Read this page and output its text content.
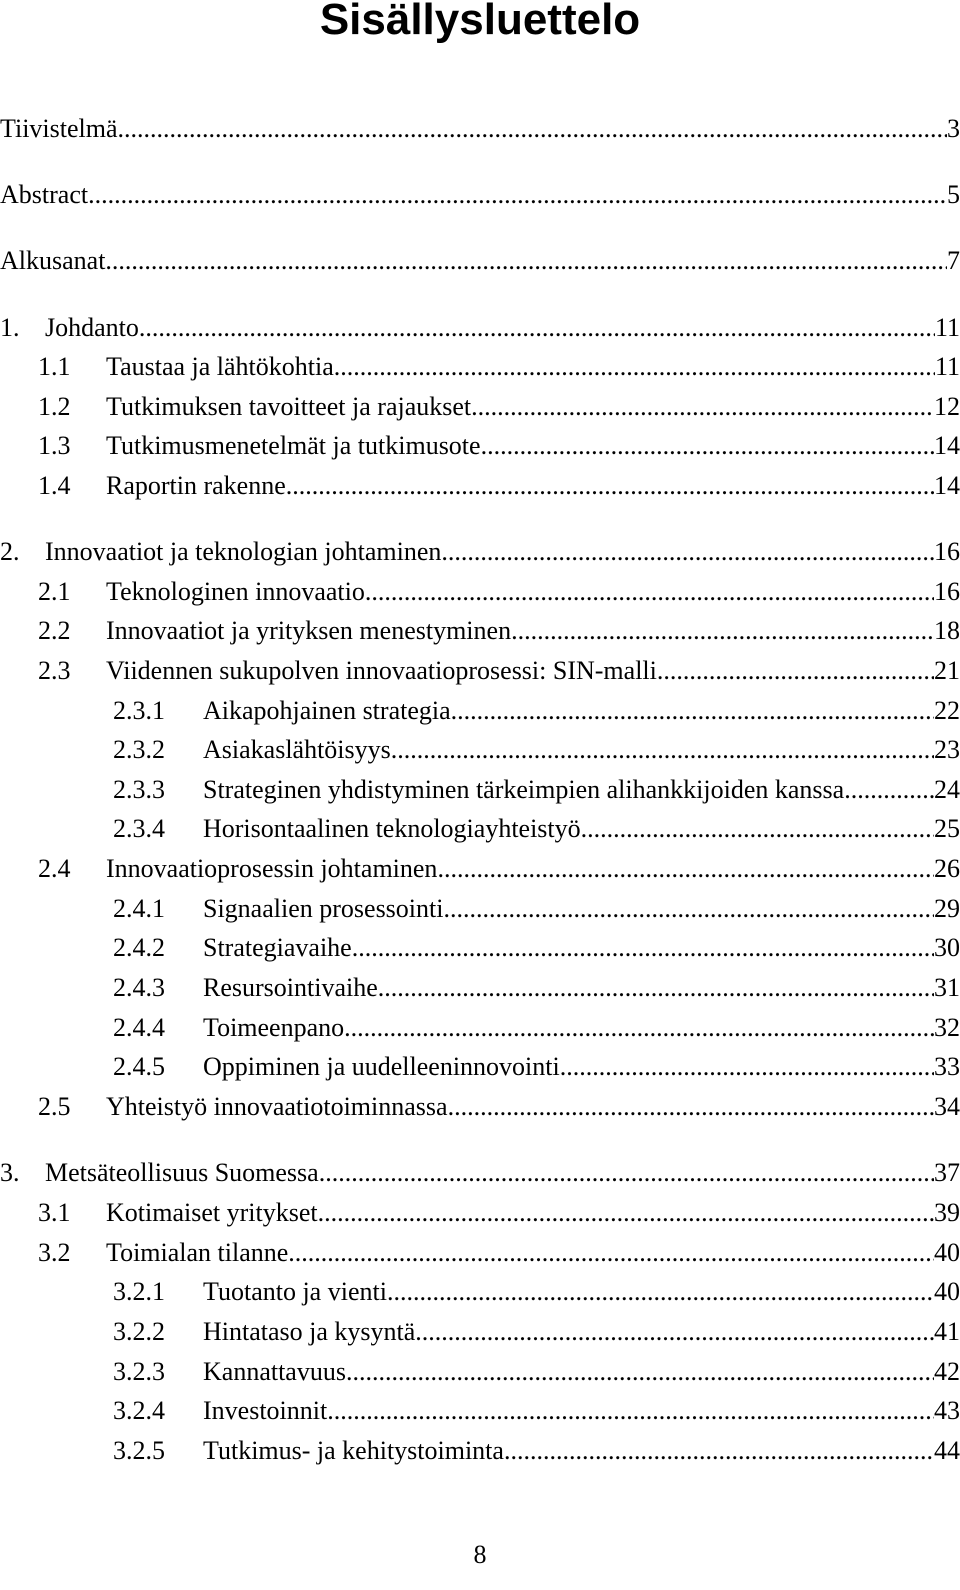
Sisällysluettelo
Tiivistelmä .....	3
Abstract .....	5
Alkusanat .....	7
1. Johdanto .....	11
1.1 Taustaa ja lähtökohtia .....	11
1.2 Tutkimuksen tavoitteet ja rajaukset .....	12
1.3 Tutkimusmenetelmät ja tutkimusote .....	14
1.4 Raportin rakenne .....	14
2. Innovaatiot ja teknologian johtaminen .....	16
2.1 Teknologinen innovaatio .....	16
2.2 Innovaatiot ja yrityksen menestyminen .....	18
2.3 Viidennen sukupolven innovaatioprosessi: SIN-malli .....	21
2.3.1 Aikapohjainen strategia .....	22
2.3.2 Asiakaslähtöisyys .....	23
2.3.3 Strateginen yhdistyminen tärkeimpien alihankkijoiden kanssa .....	24
2.3.4 Horisontaalinen teknologiayhteistyö .....	25
2.4 Innovaatioprosessin johtaminen .....	26
2.4.1 Signaalien prosessointi .....	29
2.4.2 Strategiavaihe .....	30
2.4.3 Resursointivaihe .....	31
2.4.4 Toimeenpano .....	32
2.4.5 Oppiminen ja uudelleeninnovointi .....	33
2.5 Yhteistyö innovaatiotoiminnassa .....	34
3. Metsäteollisuus Suomessa .....	37
3.1 Kotimaiset yritykset .....	39
3.2 Toimialan tilanne .....	40
3.2.1 Tuotanto ja vienti .....	40
3.2.2 Hintataso ja kysyntä .....	41
3.2.3 Kannattavuus .....	42
3.2.4 Investoinnit .....	43
3.2.5 Tutkimus- ja kehitystoiminta .....	44
8
